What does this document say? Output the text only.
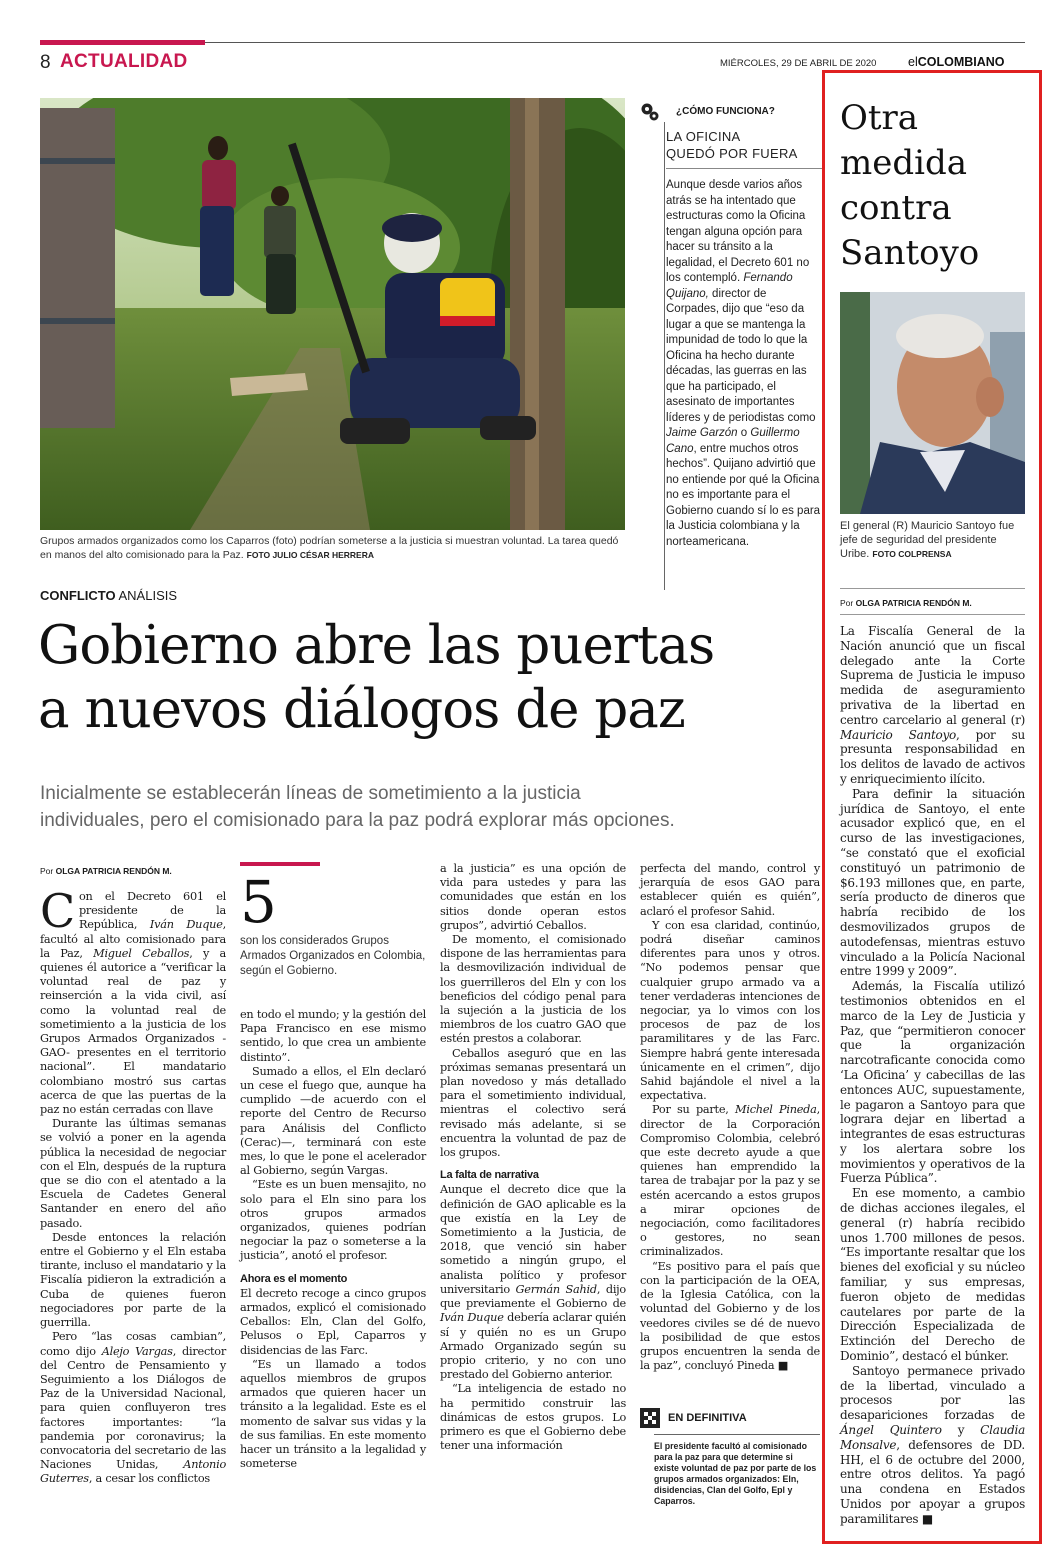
8 ACTUALIDAD	MIÉRCOLES, 29 DE ABRIL DE 2020	elCOLOMBIANO
Grupos armados organizados como los Caparros (foto) podrían someterse a la justicia si muestran voluntad. La tarea quedó en manos del alto comisionado para la Paz. FOTO JULIO CÉSAR HERRERA
¿CÓMO FUNCIONA?
LA OFICINA
QUEDÓ POR FUERA
Aunque desde varios años atrás se ha intentado que estructuras como la Oficina tengan alguna opción para hacer su tránsito a la legalidad, el Decreto 601 no los contempló. Fernando Quijano, director de Corpades, dijo que “eso da lugar a que se mantenga la impunidad de todo lo que la Oficina ha hecho durante décadas, las guerras en las que ha participado, el asesinato de importantes líderes y de periodistas como Jaime Garzón o Guillermo Cano, entre muchos otros hechos”. Quijano advirtió que no entiende por qué la Oficina no es importante para el Gobierno cuando sí lo es para la Justicia colombiana y la norteamericana.
CONFLICTO ANÁLISIS
Gobierno abre las puertas
a nuevos diálogos de paz
Inicialmente se establecerán líneas de sometimiento a la justicia
individuales, pero el comisionado para la paz podrá explorar más opciones.
Por OLGA PATRICIA RENDÓN M.

Con el Decreto 601 el presidente de la República, Iván Duque, facultó al alto comisionado para la Paz, Miguel Ceballos, y a quienes él autorice a “verificar la voluntad real de paz y reinserción a la vida civil, así como la voluntad real de sometimiento a la justicia de los Grupos Armados Organizados -GAO- presentes en el territorio nacional”. El mandatario colombiano mostró sus cartas acerca de que las puertas de la paz no están cerradas con llave

Durante las últimas semanas se volvió a poner en la agenda pública la necesidad de negociar con el Eln, después de la ruptura que se dio con el atentado a la Escuela de Cadetes General Santander en enero del año pasado.

Desde entonces la relación entre el Gobierno y el Eln estaba tirante, incluso el mandatario y la Fiscalía pidieron la extradición a Cuba de quienes fueron negociadores por parte de la guerrilla.

Pero “las cosas cambian”, como dijo Alejo Vargas, director del Centro de Pensamiento y Seguimiento a los Diálogos de Paz de la Universidad Nacional, para quien confluyeron tres factores importantes: “la pandemia por coronavirus; la convocatoria del secretario de las Naciones Unidas, Antonio Guterres, a cesar los conflictos

5
son los considerados Grupos Armados Organizados en Colombia, según el Gobierno.

en todo el mundo; y la gestión del Papa Francisco en ese mismo sentido, lo que crea un ambiente distinto”.

Sumado a ellos, el Eln declaró un cese el fuego que, aunque ha cumplido —de acuerdo con el reporte del Centro de Recurso para Análisis del Conflicto (Cerac)—, terminará con este mes, lo que le pone el acelerador al Gobierno, según Vargas.

“Este es un buen mensajito, no solo para el Eln sino para los otros grupos armados organizados, quienes podrían negociar la paz o someterse a la justicia”, anotó el profesor.

Ahora es el momento

El decreto recoge a cinco grupos armados, explicó el comisionado Ceballos: Eln, Clan del Golfo, Pelusos o Epl, Caparros y disidencias de las Farc.

“Es un llamado a todos aquellos miembros de grupos armados que quieren hacer un tránsito a la legalidad. Este es el momento de salvar sus vidas y la de sus familias. En este momento hacer un tránsito a la legalidad y someterse

a la justicia” es una opción de vida para ustedes y para las comunidades que están en los sitios donde operan estos grupos”, advirtió Ceballos.

De momento, el comisionado dispone de las herramientas para la desmovilización individual de los guerrilleros del Eln y con los beneficios del código penal para la sujeción a la justicia de los miembros de los cuatro GAO que estén prestos a colaborar.

Ceballos aseguró que en las próximas semanas presentará un plan novedoso y más detallado para el sometimiento individual, mientras el colectivo será revisado más adelante, si se encuentra la voluntad de paz de los grupos.

La falta de narrativa

Aunque el decreto dice que la definición de GAO aplicable es la que existía en la Ley de Sometimiento a la Justicia, de 2018, que venció sin haber sometido a ningún grupo, el analista político y profesor universitario Germán Sahid, dijo que previamente el Gobierno de Iván Duque debería aclarar quién sí y quién no es un Grupo Armado Organizado según su propio criterio, y no con uno prestado del Gobierno anterior.

“La inteligencia de estado no ha permitido construir las dinámicas de estos grupos. Lo primero es que el Gobierno debe tener una información

perfecta del mando, control y jerarquía de esos GAO para establecer quién es quién”, aclaró el profesor Sahid.

Y con esa claridad, continúo, podrá diseñar caminos diferentes para unos y otros. “No podemos pensar que cualquier grupo armado va a tener verdaderas intenciones de negociar, ya lo vimos con los procesos de paz de los paramilitares y de las Farc. Siempre habrá gente interesada únicamente en el crimen”, dijo Sahid bajándole el nivel a la expectativa.

Por su parte, Michel Pineda, director de la Corporación Compromiso Colombia, celebró que este decreto ayude a que quienes han emprendido la tarea de trabajar por la paz y se estén acercando a estos grupos a mirar opciones de negociación, como facilitadores o gestores, no sean criminalizados.

“Es positivo para el país que con la participación de la OEA, de la Iglesia Católica, con la voluntad del Gobierno y de los veedores civiles se dé de nuevo la posibilidad de que estos grupos encuentren la senda de la paz”, concluyó Pineda ■

EN DEFINITIVA
El presidente facultó al comisionado para la paz para que determine si existe voluntad de paz por parte de los grupos armados organizados: Eln, disidencias, Clan del Golfo, Epl y Caparros.
Otra
medida
contra
Santoyo
El general (R) Mauricio Santoyo fue jefe de seguridad del presidente Uribe. FOTO COLPRENSA
Por OLGA PATRICIA RENDÓN M.

La Fiscalía General de la Nación anunció que un fiscal delegado ante la Corte Suprema de Justicia le impuso medida de aseguramiento privativa de la libertad en centro carcelario al general (r) Mauricio Santoyo, por su presunta responsabilidad en los delitos de lavado de activos y enriquecimiento ilícito.

Para definir la situación jurídica de Santoyo, el ente acusador explicó que, en el curso de las investigaciones, “se constató que el exoficial constituyó un patrimonio de $6.193 millones que, en parte, sería producto de dineros que habría recibido de los desmovilizados grupos de autodefensas, mientras estuvo vinculado a la Policía Nacional entre 1999 y 2009”.

Además, la Fiscalía utilizó testimonios obtenidos en el marco de la Ley de Justicia y Paz, que “permitieron conocer que la organización narcotraficante conocida como ‘La Oficina’ y cabecillas de las entonces AUC, supuestamente, le pagaron a Santoyo para que lograra dejar en libertad a integrantes de esas estructuras y los alertara sobre los movimientos y operativos de la Fuerza Pública”.

En ese momento, a cambio de dichas acciones ilegales, el general (r) habría recibido unos 1.700 millones de pesos. “Es importante resaltar que los bienes del exoficial y su núcleo familiar, y sus empresas, fueron objeto de medidas cautelares por parte de la Dirección Especializada de Extinción del Derecho de Dominio”, destacó el búnker.

Santoyo permanece privado de la libertad, vinculado a procesos por las desapariciones forzadas de Ángel Quintero y Claudia Monsalve, defensores de DD. HH, el 6 de octubre del 2000, entre otros delitos. Ya pagó una condena en Estados Unidos por apoyar a grupos paramilitares ■
